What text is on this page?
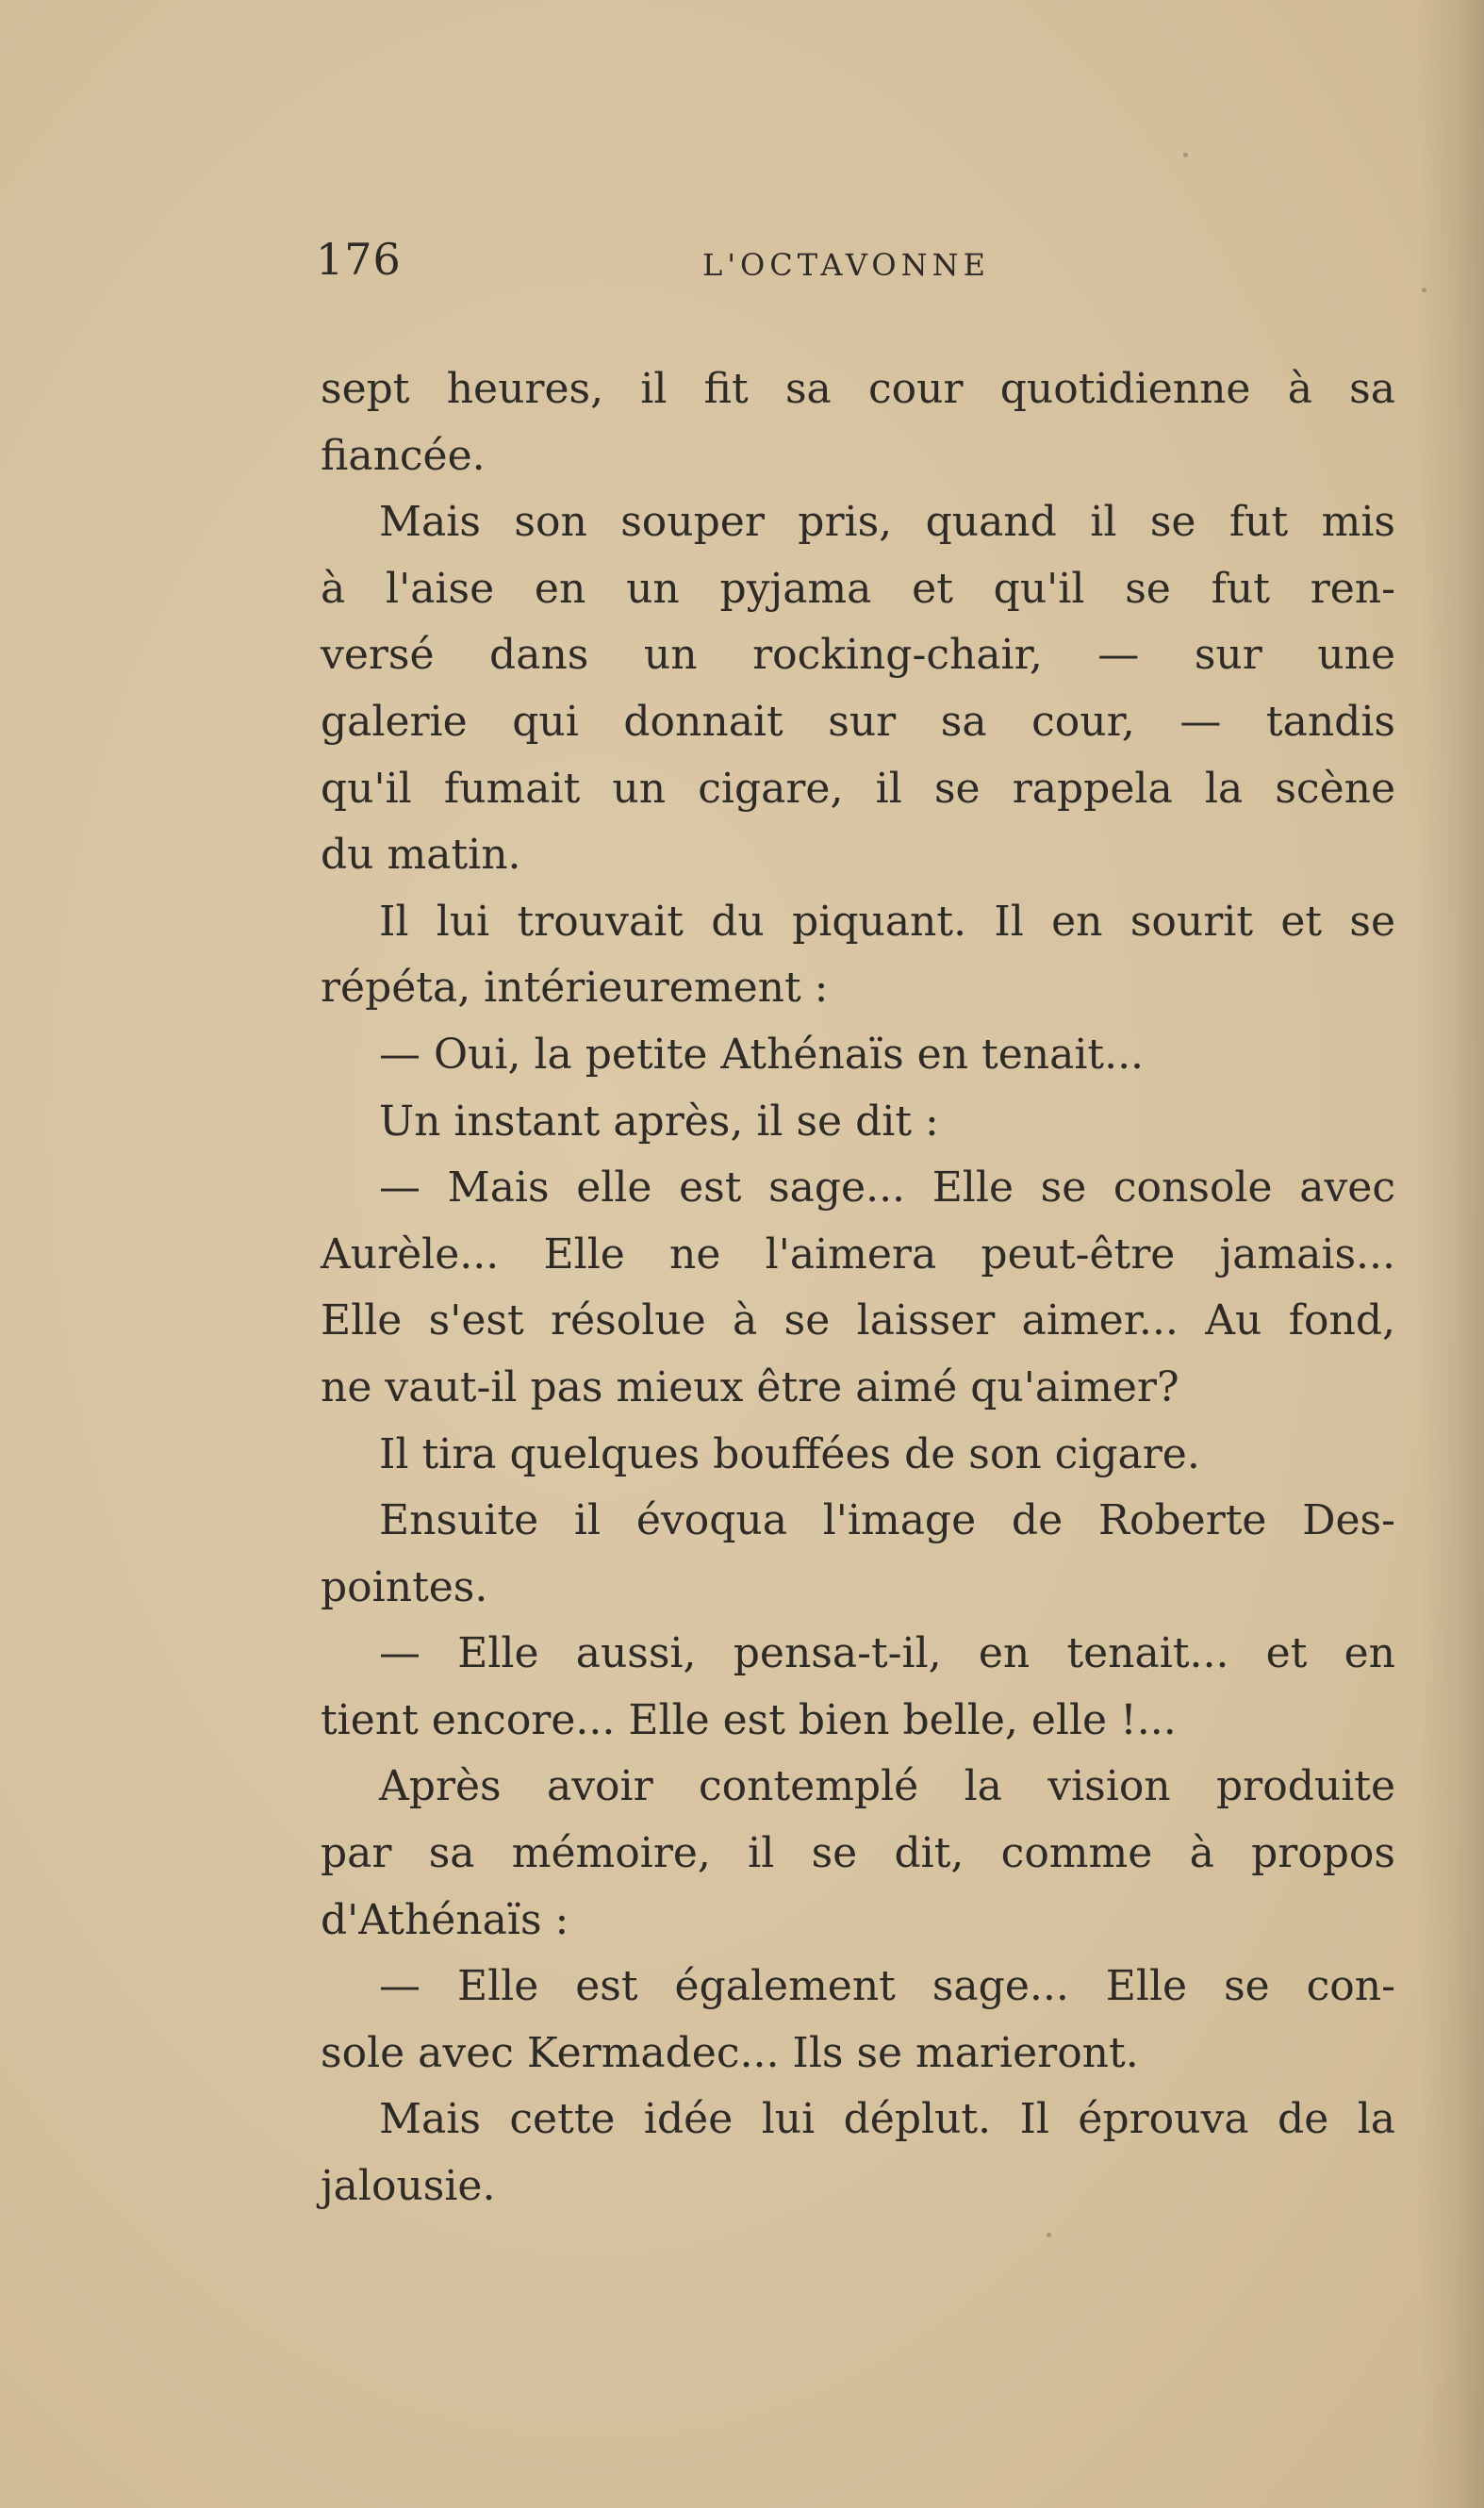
176	L'OCTAVONNE
sept heures, il fit sa cour quotidienne à sa
fiancée.
Mais son souper pris, quand il se fut mis
à l'aise en un pyjama et qu'il se fut ren-
versé dans un rocking-chair, — sur une
galerie qui donnait sur sa cour, — tandis
qu'il fumait un cigare, il se rappela la scène
du matin.
Il lui trouvait du piquant. Il en sourit et se
répéta, intérieurement :
— Oui, la petite Athénaïs en tenait...
Un instant après, il se dit :
— Mais elle est sage... Elle se console avec
Aurèle... Elle ne l'aimera peut-être jamais...
Elle s'est résolue à se laisser aimer... Au fond,
ne vaut-il pas mieux être aimé qu'aimer?
Il tira quelques bouffées de son cigare.
Ensuite il évoqua l'image de Roberte Des-
pointes.
— Elle aussi, pensa-t-il, en tenait... et en
tient encore... Elle est bien belle, elle !...
Après avoir contemplé la vision produite
par sa mémoire, il se dit, comme à propos
d'Athénaïs :
— Elle est également sage... Elle se con-
sole avec Kermadec... Ils se marieront.
Mais cette idée lui déplut. Il éprouva de la
jalousie.
